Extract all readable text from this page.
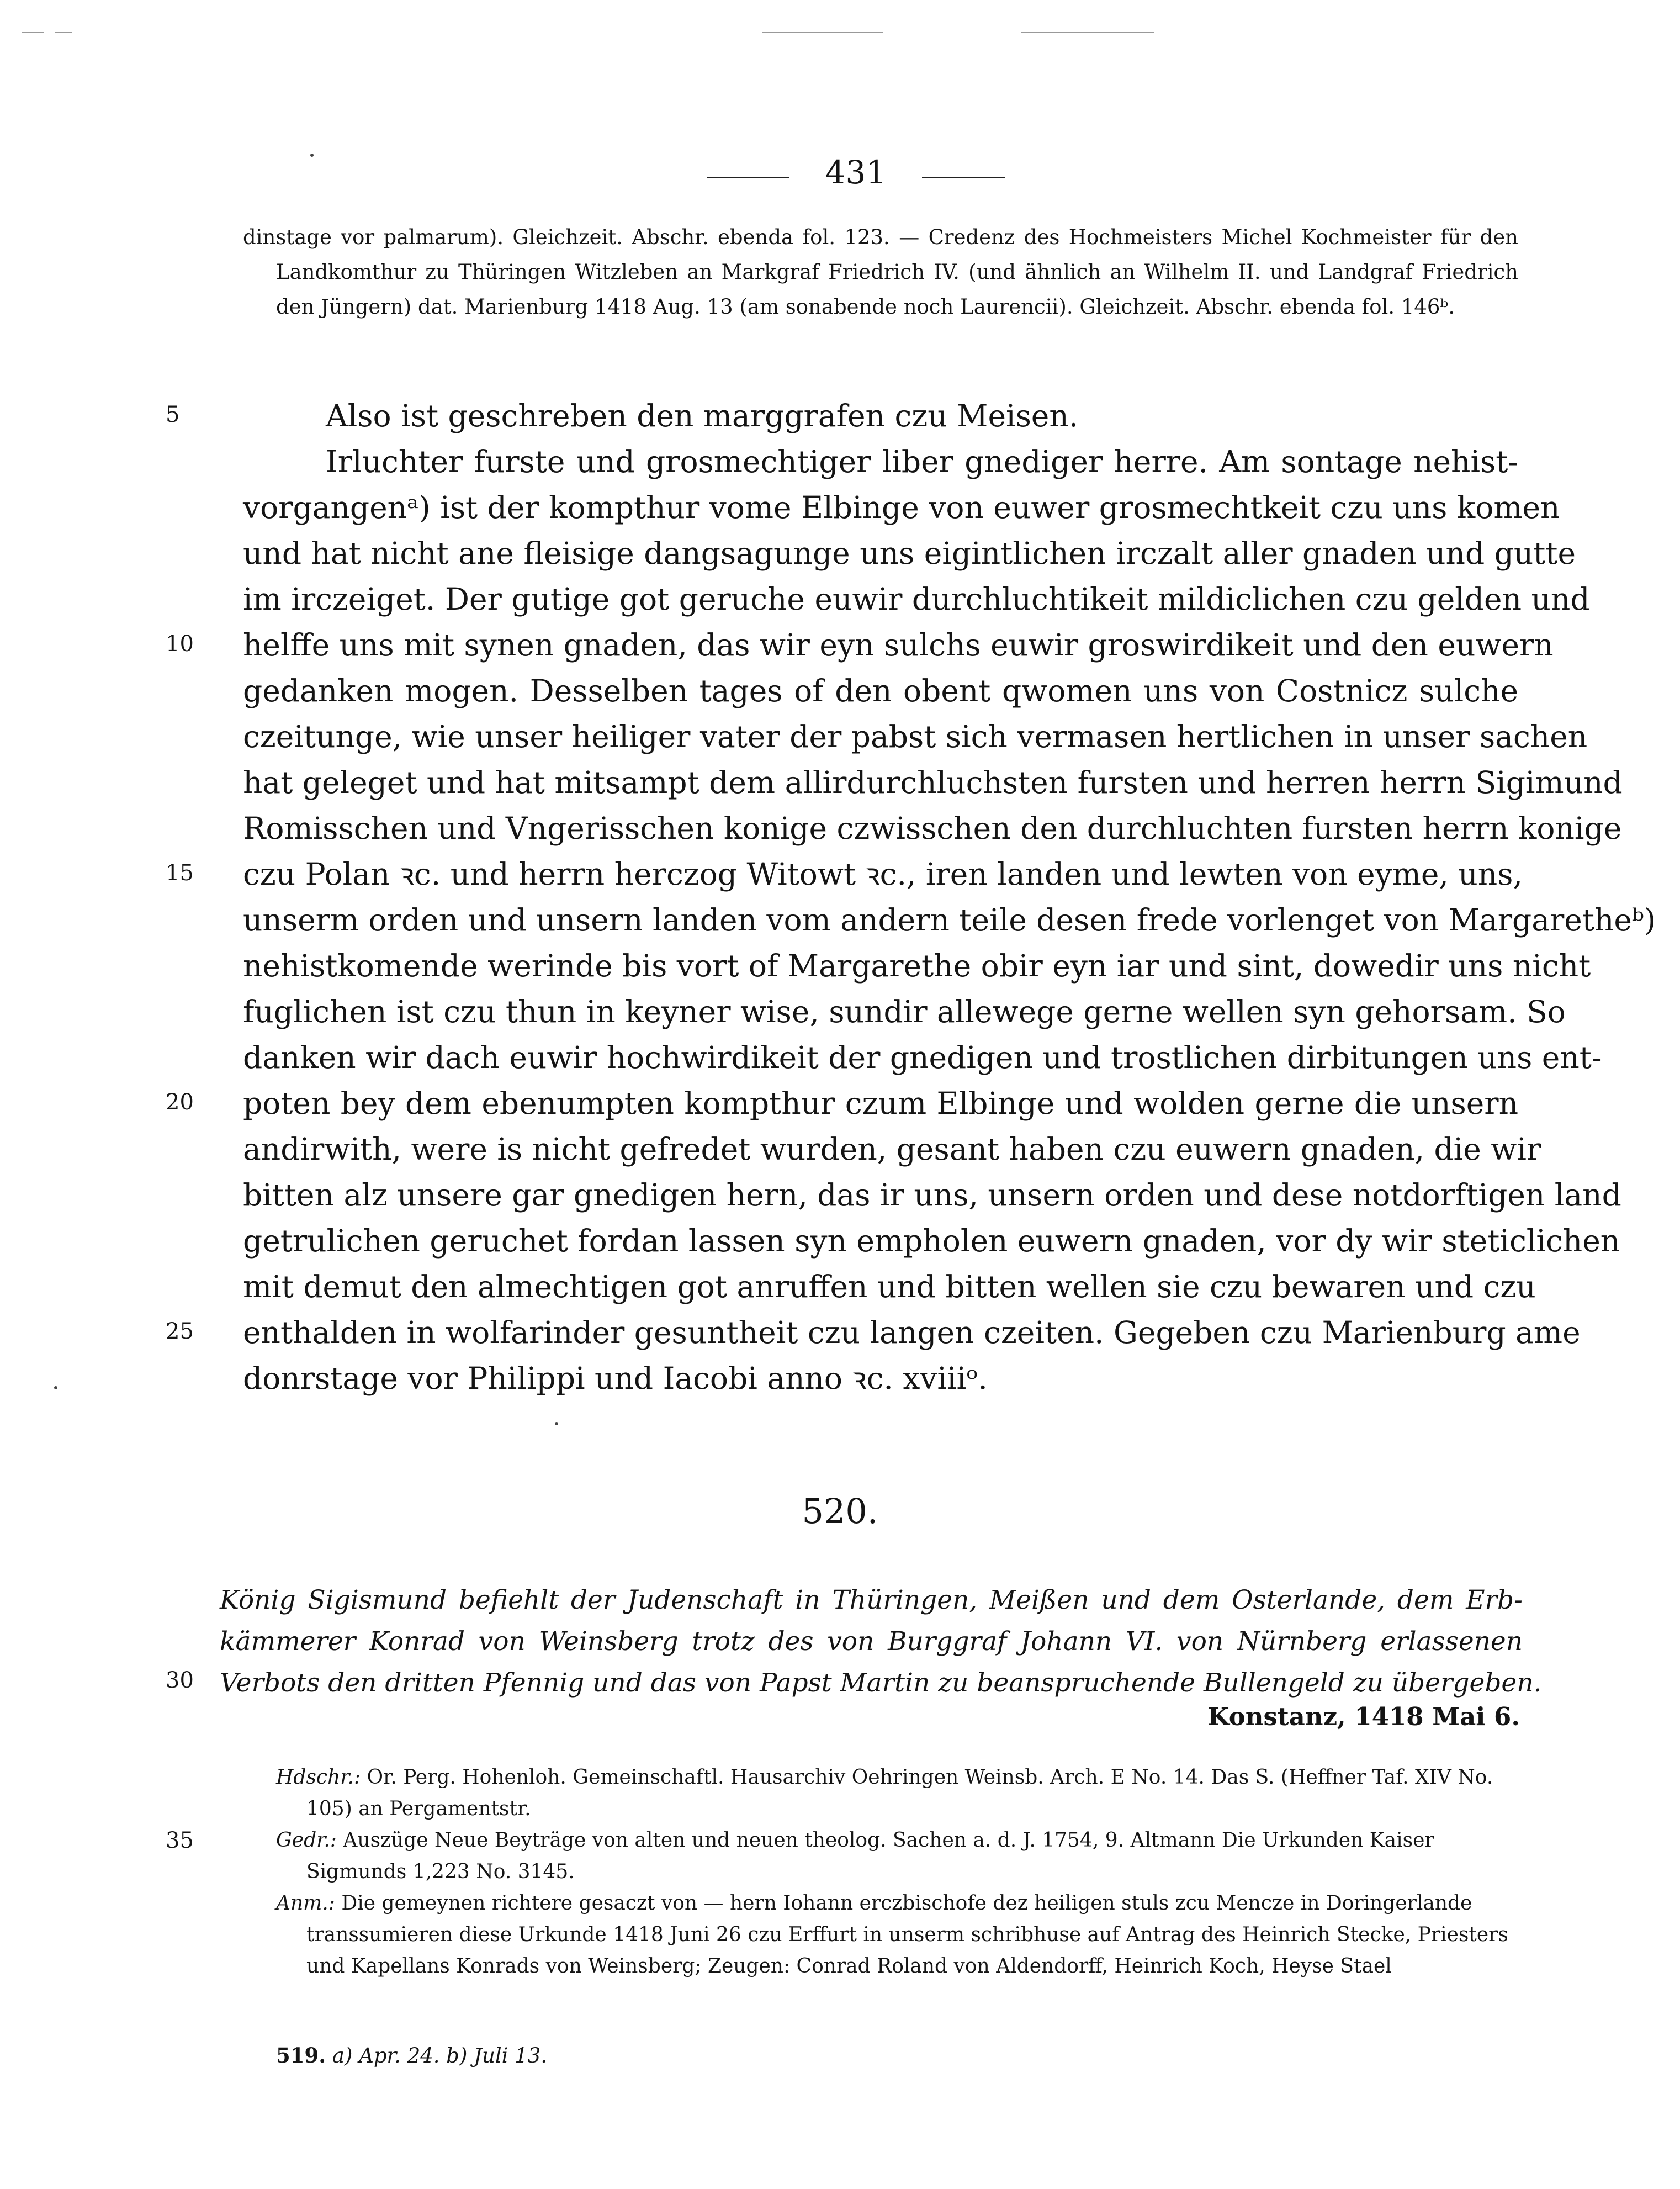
431
dinstage vor palmarum). Gleichzeit. Abschr. ebenda fol. 123. — Credenz des Hochmeisters Michel Kochmeister für den Landkomthur zu Thüringen Witzleben an Markgraf Friedrich IV. (und ähnlich an Wilhelm II. und Landgraf Friedrich den Jüngern) dat. Marienburg 1418 Aug. 13 (am sonabende noch Laurencii). Gleichzeit. Abschr. ebenda fol. 146ᵇ.
5
10
15
20
25
Also ist geschreben den marggrafen czu Meisen.
Irluchter furste und grosmechtiger liber gnediger herre. Am sontage nehist-
vorgangenᵃ) ist der kompthur vome Elbinge von euwer grosmechtkeit czu uns komen
und hat nicht ane fleisige dangsagunge uns eigintlichen irczalt aller gnaden und gutte
im irczeiget. Der gutige got geruche euwir durchluchtikeit mildiclichen czu gelden und
helffe uns mit synen gnaden, das wir eyn sulchs euwir groswirdikeit und den euwern
gedanken mogen. Desselben tages of den obent qwomen uns von Costnicz sulche
czeitunge, wie unser heiliger vater der pabst sich vermasen hertlichen in unser sachen
hat geleget und hat mitsampt dem allirdurchluchsten fursten und herren herrn Sigimund
Romisschen und Vngerisschen konige czwisschen den durchluchten fursten herrn konige
czu Polan ꝛc. und herrn herczog Witowt ꝛc., iren landen und lewten von eyme, uns,
unserm orden und unsern landen vom andern teile desen frede vorlenget von Margaretheᵇ)
nehistkomende werinde bis vort of Margarethe obir eyn iar und sint, dowedir uns nicht
fuglichen ist czu thun in keyner wise, sundir allewege gerne wellen syn gehorsam. So
danken wir dach euwir hochwirdikeit der gnedigen und trostlichen dirbitungen uns ent-
poten bey dem ebenumpten kompthur czum Elbinge und wolden gerne die unsern
andirwith, were is nicht gefredet wurden, gesant haben czu euwern gnaden, die wir
bitten alz unsere gar gnedigen hern, das ir uns, unsern orden und dese notdorftigen land
getrulichen geruchet fordan lassen syn empholen euwern gnaden, vor dy wir steticlichen
mit demut den almechtigen got anruffen und bitten wellen sie czu bewaren und czu
enthalden in wolfarinder gesuntheit czu langen czeiten. Gegeben czu Marienburg ame
donrstage vor Philippi und Iacobi anno ꝛc. xviiiᵒ.
520.
30
König Sigismund befiehlt der Judenschaft in Thüringen, Meißen und dem Osterlande, dem Erb-
kämmerer Konrad von Weinsberg trotz des von Burggraf Johann VI. von Nürnberg erlassenen
Verbots den dritten Pfennig und das von Papst Martin zu beanspruchende Bullengeld zu übergeben.
Konstanz, 1418 Mai 6.
35

Hdschr.: Or. Perg. Hohenloh. Gemeinschaftl. Hausarchiv Oehringen Weinsb. Arch. E No. 14. Das S. (Heffner Taf. XIV No. 105) an Pergamentstr.

Gedr.: Auszüge Neue Beyträge von alten und neuen theolog. Sachen a. d. J. 1754, 9. Altmann Die Urkunden Kaiser Sigmunds 1,223 No. 3145.

Anm.: Die gemeynen richtere gesaczt von — hern Iohann erczbischofe dez heiligen stuls zcu Mencze in Doringerlande transsumieren diese Urkunde 1418 Juni 26 czu Erffurt in unserm schribhuse auf Antrag des Heinrich Stecke, Priesters und Kapellans Konrads von Weinsberg; Zeugen: Conrad Roland von Aldendorff, Heinrich Koch, Heyse Stael

519. a) Apr. 24. b) Juli 13.
